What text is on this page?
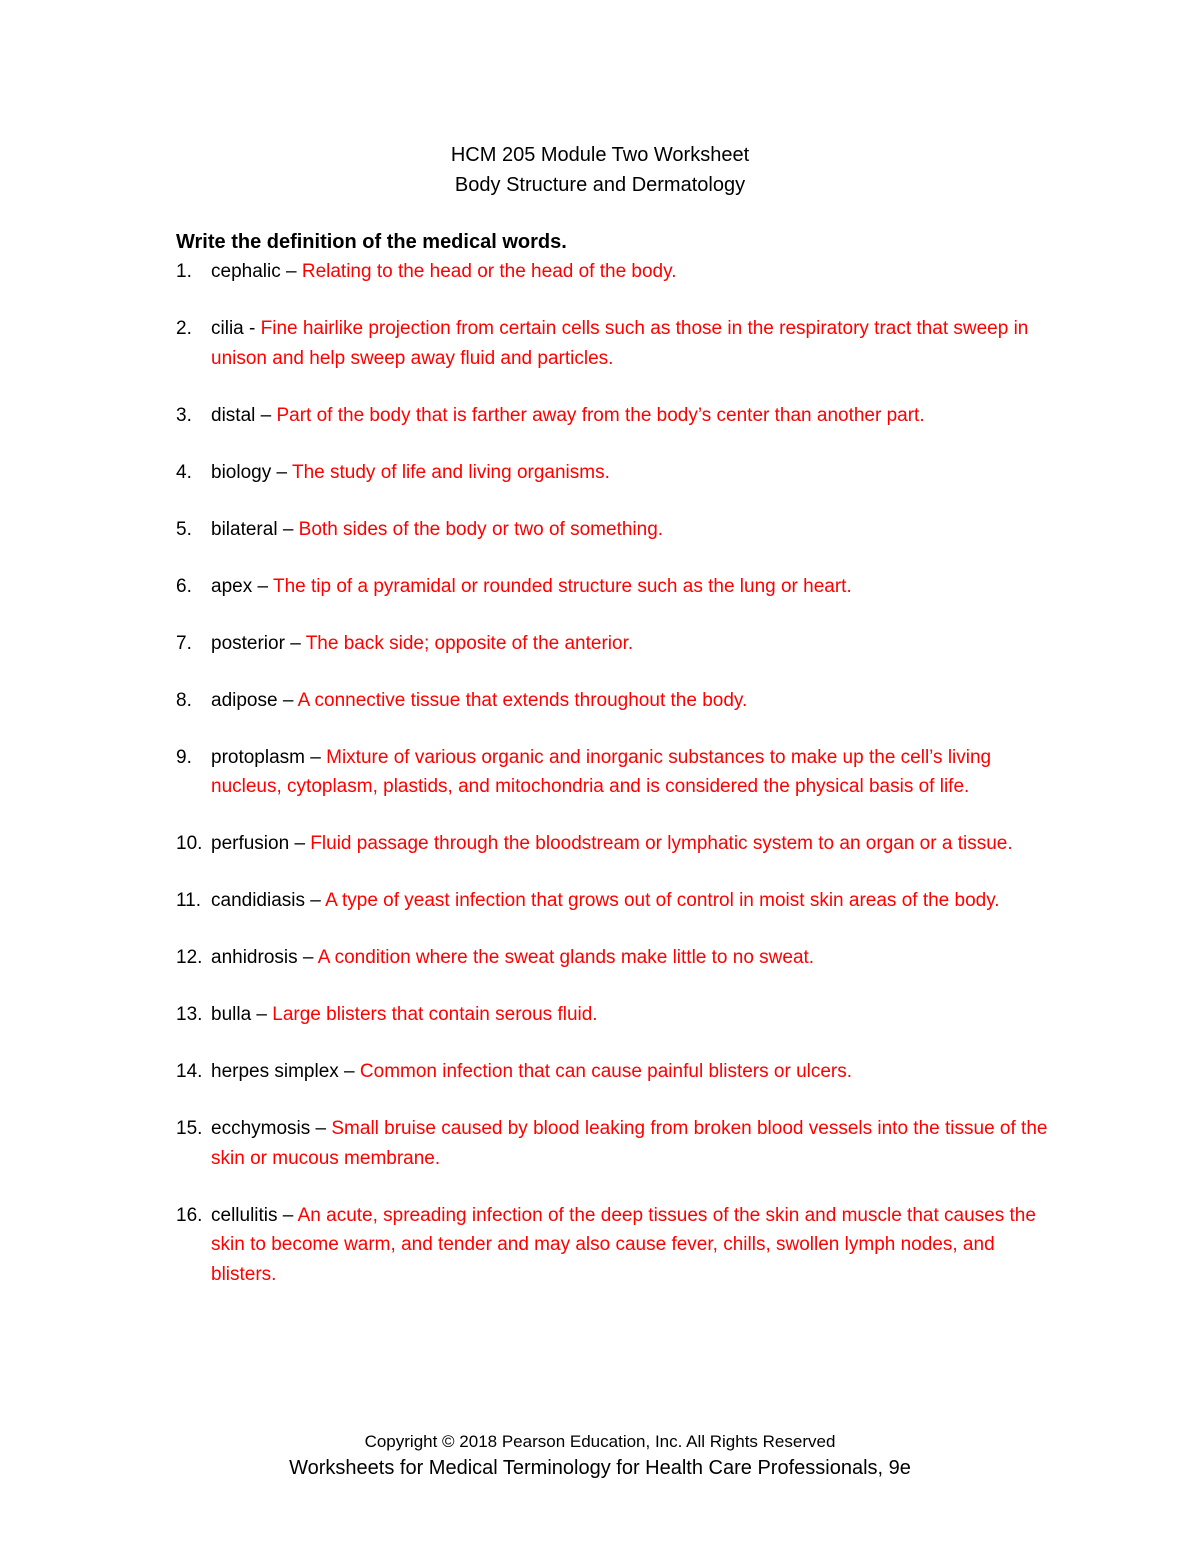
HCM 205 Module Two Worksheet
Body Structure and Dermatology
Write the definition of the medical words.
1. cephalic – Relating to the head or the head of the body.
2. cilia - Fine hairlike projection from certain cells such as those in the respiratory tract that sweep in unison and help sweep away fluid and particles.
3. distal – Part of the body that is farther away from the body’s center than another part.
4. biology – The study of life and living organisms.
5. bilateral – Both sides of the body or two of something.
6. apex – The tip of a pyramidal or rounded structure such as the lung or heart.
7. posterior – The back side; opposite of the anterior.
8. adipose – A connective tissue that extends throughout the body.
9. protoplasm – Mixture of various organic and inorganic substances to make up the cell’s living nucleus, cytoplasm, plastids, and mitochondria and is considered the physical basis of life.
10. perfusion – Fluid passage through the bloodstream or lymphatic system to an organ or a tissue.
11. candidiasis – A type of yeast infection that grows out of control in moist skin areas of the body.
12. anhidrosis – A condition where the sweat glands make little to no sweat.
13. bulla – Large blisters that contain serous fluid.
14. herpes simplex – Common infection that can cause painful blisters or ulcers.
15. ecchymosis – Small bruise caused by blood leaking from broken blood vessels into the tissue of the skin or mucous membrane.
16. cellulitis – An acute, spreading infection of the deep tissues of the skin and muscle that causes the skin to become warm, and tender and may also cause fever, chills, swollen lymph nodes, and blisters.
Copyright © 2018 Pearson Education, Inc. All Rights Reserved
Worksheets for Medical Terminology for Health Care Professionals, 9e
